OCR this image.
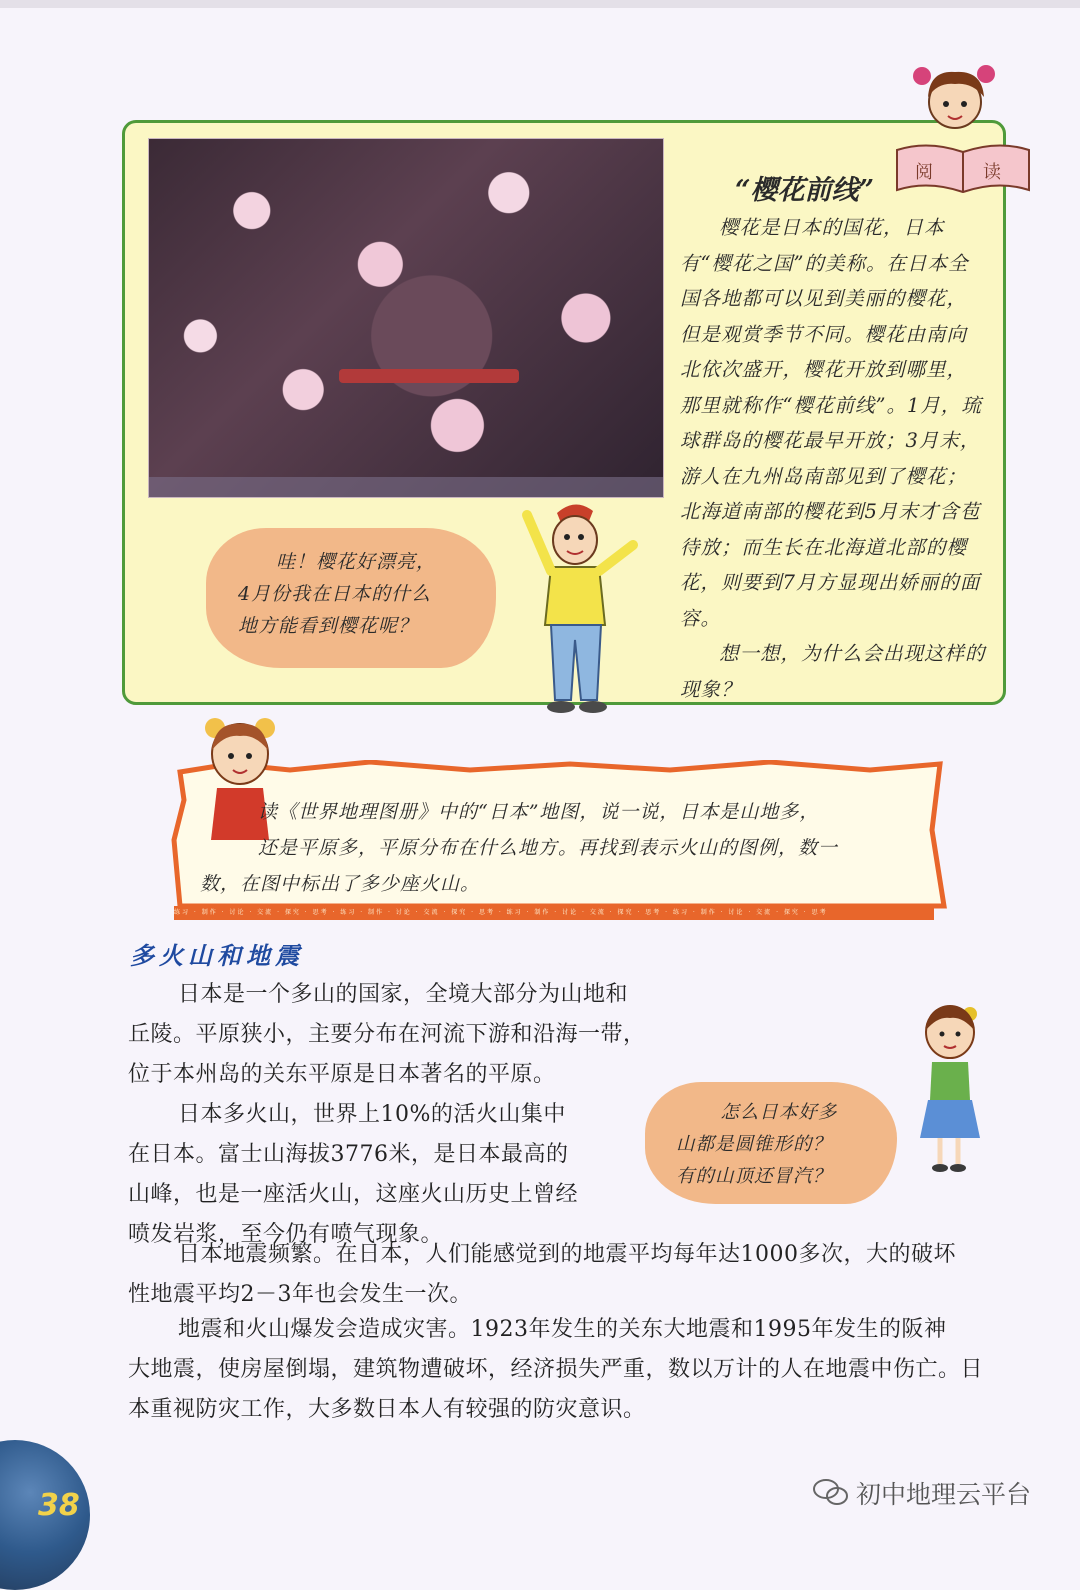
阅	读
“樱花前线”

樱花是日本的国花，日本有“樱花之国”的美称。在日本全国各地都可以见到美丽的樱花，但是观赏季节不同。樱花由南向北依次盛开，樱花开放到哪里，那里就称作“樱花前线”。1月，琉球群岛的樱花最早开放；3月末，游人在九州岛南部见到了樱花；北海道南部的樱花到5月末才含苞待放；而生长在北海道北部的樱花，则要到7月方显现出娇丽的面容。

想一想，为什么会出现这样的现象？

哇！樱花好漂亮，

4月份我在日本的什么

地方能看到樱花呢？

读《世界地理图册》中的“日本”地图，说一说，日本是山地多，

还是平原多，平原分布在什么地方。再找到表示火山的图例，数一

数，在图中标出了多少座火山。

练习 · 制作 · 讨论 · 交流 · 探究 · 思考 · 练习 · 制作 · 讨论 · 交流 · 探究 · 思考 · 练习 · 制作 · 讨论 · 交流 · 探究 · 思考 · 练习 · 制作 · 讨论 · 交流 · 探究 · 思考
多火山和地震

日本是一个多山的国家，全境大部分为山地和

丘陵。平原狭小，主要分布在河流下游和沿海一带，

位于本州岛的关东平原是日本著名的平原。

日本多火山，世界上10%的活火山集中

在日本。富士山海拔3776米，是日本最高的

山峰，也是一座活火山，这座火山历史上曾经

喷发岩浆，至今仍有喷气现象。

日本地震频繁。在日本，人们能感觉到的地震平均每年达1000多次，大的破坏

性地震平均2－3年也会发生一次。

地震和火山爆发会造成灾害。1923年发生的关东大地震和1995年发生的阪神

大地震，使房屋倒塌，建筑物遭破坏，经济损失严重，数以万计的人在地震中伤亡。日

本重视防灾工作，大多数日本人有较强的防灾意识。

怎么日本好多

山都是圆锥形的？

有的山顶还冒汽？

38	初中地理云平台
